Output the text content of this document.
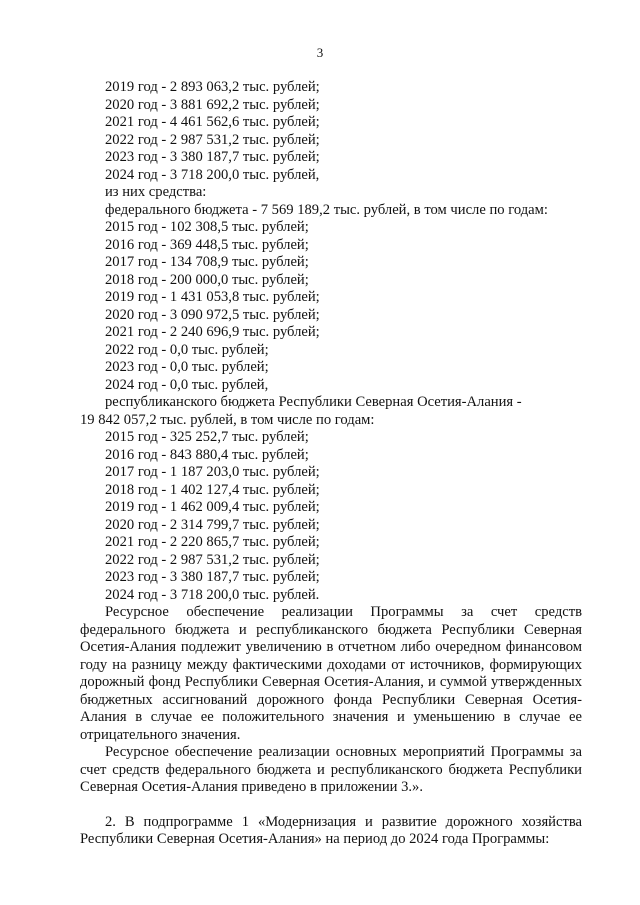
3
2019 год - 2 893 063,2 тыс. рублей;
2020 год - 3 881 692,2 тыс. рублей;
2021 год - 4 461 562,6 тыс. рублей;
2022 год - 2 987 531,2 тыс. рублей;
2023 год - 3 380 187,7 тыс. рублей;
2024 год - 3 718 200,0 тыс. рублей,
из них средства:
федерального бюджета - 7 569 189,2 тыс. рублей, в том числе по годам:
2015 год - 102 308,5 тыс. рублей;
2016 год - 369 448,5 тыс. рублей;
2017 год - 134 708,9 тыс. рублей;
2018 год - 200 000,0 тыс. рублей;
2019 год - 1 431 053,8 тыс. рублей;
2020 год - 3 090 972,5 тыс. рублей;
2021 год - 2 240 696,9 тыс. рублей;
2022 год - 0,0 тыс. рублей;
2023 год - 0,0 тыс. рублей;
2024 год - 0,0 тыс. рублей,
республиканского бюджета Республики Северная Осетия-Алания -
19 842 057,2 тыс. рублей, в том числе по годам:
2015 год - 325 252,7 тыс. рублей;
2016 год - 843 880,4 тыс. рублей;
2017 год - 1 187 203,0 тыс. рублей;
2018 год - 1 402 127,4 тыс. рублей;
2019 год - 1 462 009,4 тыс. рублей;
2020 год - 2 314 799,7 тыс. рублей;
2021 год - 2 220 865,7 тыс. рублей;
2022 год - 2 987 531,2 тыс. рублей;
2023 год - 3 380 187,7 тыс. рублей;
2024 год - 3 718 200,0 тыс. рублей.

Ресурсное обеспечение реализации Программы за счет средств федерального бюджета и республиканского бюджета Республики Северная Осетия-Алания подлежит увеличению в отчетном либо очередном финансовом году на разницу между фактическими доходами от источников, формирующих дорожный фонд Республики Северная Осетия-Алания, и суммой утвержденных бюджетных ассигнований дорожного фонда Республики Северная Осетия-Алания в случае ее положительного значения и уменьшению в случае ее отрицательного значения.

Ресурсное обеспечение реализации основных мероприятий Программы за счет средств федерального бюджета и республиканского бюджета Республики Северная Осетия-Алания приведено в приложении 3.».

2. В подпрограмме 1 «Модернизация и развитие дорожного хозяйства Республики Северная Осетия-Алания» на период до 2024 года Программы:
